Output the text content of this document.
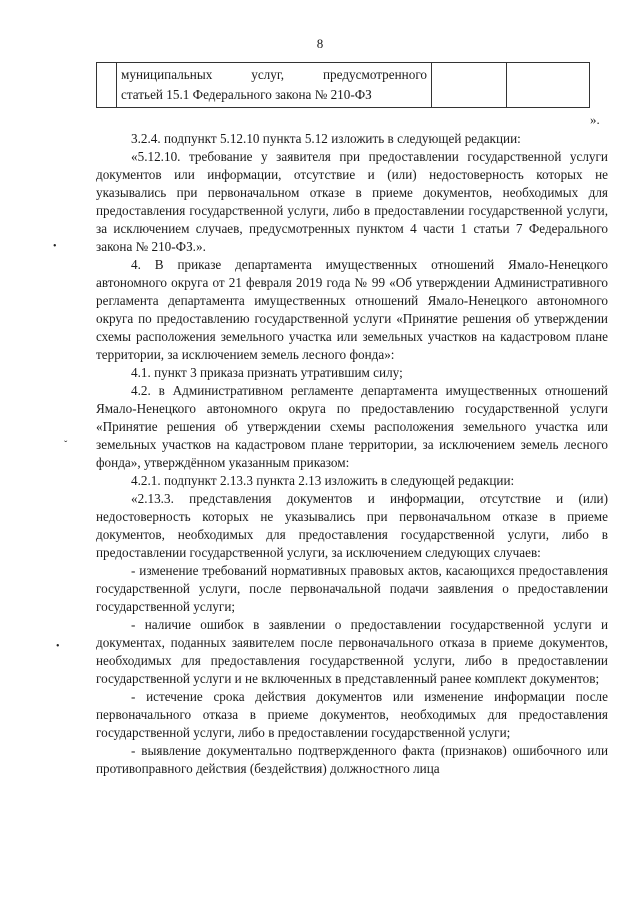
8

муниципальных услуг, предусмотренного
статьей 15.1 Федерального закона № 210-ФЗ

».

3.2.4. подпункт 5.12.10 пункта 5.12 изложить в следующей редакции:

«5.12.10. требование у заявителя при предоставлении государственной услуги документов или информации, отсутствие и (или) недостоверность которых не указывались при первоначальном отказе в приеме документов, необходимых для предоставления государственной услуги, либо в предоставлении государственной услуги, за исключением случаев, предусмотренных пунктом 4 части 1 статьи 7 Федерального закона № 210-ФЗ.».

4. В приказе департамента имущественных отношений Ямало-Ненецкого автономного округа от 21 февраля 2019 года № 99 «Об утверждении Административного регламента департамента имущественных отношений Ямало-Ненецкого автономного округа по предоставлению государственной услуги «Принятие решения об утверждении схемы расположения земельного участка или земельных участков на кадастровом плане территории, за исключением земель лесного фонда»:

4.1. пункт 3 приказа признать утратившим силу;

4.2. в Административном регламенте департамента имущественных отношений Ямало-Ненецкого автономного округа по предоставлению государственной услуги «Принятие решения об утверждении схемы расположения земельного участка или земельных участков на кадастровом плане территории, за исключением земель лесного фонда», утверждённом указанным приказом:

4.2.1. подпункт 2.13.3 пункта 2.13 изложить в следующей редакции:

«2.13.3. представления документов и информации, отсутствие и (или) недостоверность которых не указывались при первоначальном отказе в приеме документов, необходимых для предоставления государственной услуги, либо в предоставлении государственной услуги, за исключением следующих случаев:

- изменение требований нормативных правовых актов, касающихся предоставления государственной услуги, после первоначальной подачи заявления о предоставлении государственной услуги;

- наличие ошибок в заявлении о предоставлении государственной услуги и документах, поданных заявителем после первоначального отказа в приеме документов, необходимых для предоставления государственной услуги, либо в предоставлении государственной услуги и не включенных в представленный ранее комплект документов;

- истечение срока действия документов или изменение информации после первоначального отказа в приеме документов, необходимых для предоставления государственной услуги, либо в предоставлении государственной услуги;

- выявление документально подтвержденного факта (признаков) ошибочного или противоправного действия (бездействия) должностного лица

•
ˇ
•
